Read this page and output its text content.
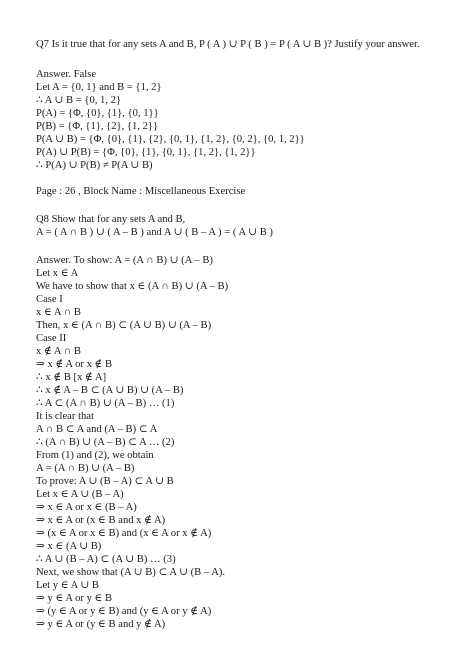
Q7 Is it true that for any sets A and B, P ( A ) ∪ P ( B ) = P ( A ∪ B )? Justify your answer.
Answer. False
Let A = {0, 1} and B = {1, 2}
∴ A ∪ B = {0, 1, 2}
P(A) = {Φ, {0}, {1}, {0, 1}}
P(B) = {Φ, {1}, {2}, {1, 2}}
P(A ∪ B) = {Φ, {0}, {1}, {2}, {0, 1}, {1, 2}, {0, 2}, {0, 1, 2}}
P(A) ∪ P(B) = {Φ, {0}, {1}, {0, 1}, {1, 2}, {1, 2}}
∴ P(A) ∪ P(B) ≠ P(A ∪ B)
Page : 26 , Block Name : Miscellaneous Exercise
Q8 Show that for any sets A and B,
A = ( A ∩ B ) ∪ ( A – B ) and A ∪ ( B – A ) = ( A ∪ B )
Answer. To show: A = (A ∩ B) ∪ (A – B)
Let x ∈ A
We have to show that x ∈ (A ∩ B) ∪ (A – B)
Case I
x ∈ A ∩ B
Then, x ∈ (A ∩ B) ⊂ (A ∪ B) ∪ (A – B)
Case II
x ∉ A ∩ B
⇒ x ∉ A or x ∉ B
∴ x ∉ B [x ∉ A]
∴ x ∉ A – B ⊂ (A ∪ B) ∪ (A – B)
∴ A ⊂ (A ∩ B) ∪ (A – B) … (1)
It is clear that
A ∩ B ⊂ A and (A – B) ⊂ A
∴ (A ∩ B) ∪ (A – B) ⊂ A … (2)
From (1) and (2), we obtain
A = (A ∩ B) ∪ (A – B)
To prove: A ∪ (B – A) ⊂ A ∪ B
Let x ∈ A ∪ (B – A)
⇒ x ∈ A or x ∈ (B – A)
⇒ x ∈ A or (x ∈ B and x ∉ A)
⇒ (x ∈ A or x ∈ B) and (x ∈ A or x ∉ A)
⇒ x ∈ (A ∪ B)
∴ A ∪ (B – A) ⊂ (A ∪ B) … (3)
Next, we show that (A ∪ B) ⊂ A ∪ (B – A).
Let y ∈ A ∪ B
⇒ y ∈ A or y ∈ B
⇒ (y ∈ A or y ∈ B) and (y ∈ A or y ∉ A)
⇒ y ∈ A or (y ∈ B and y ∉ A)
